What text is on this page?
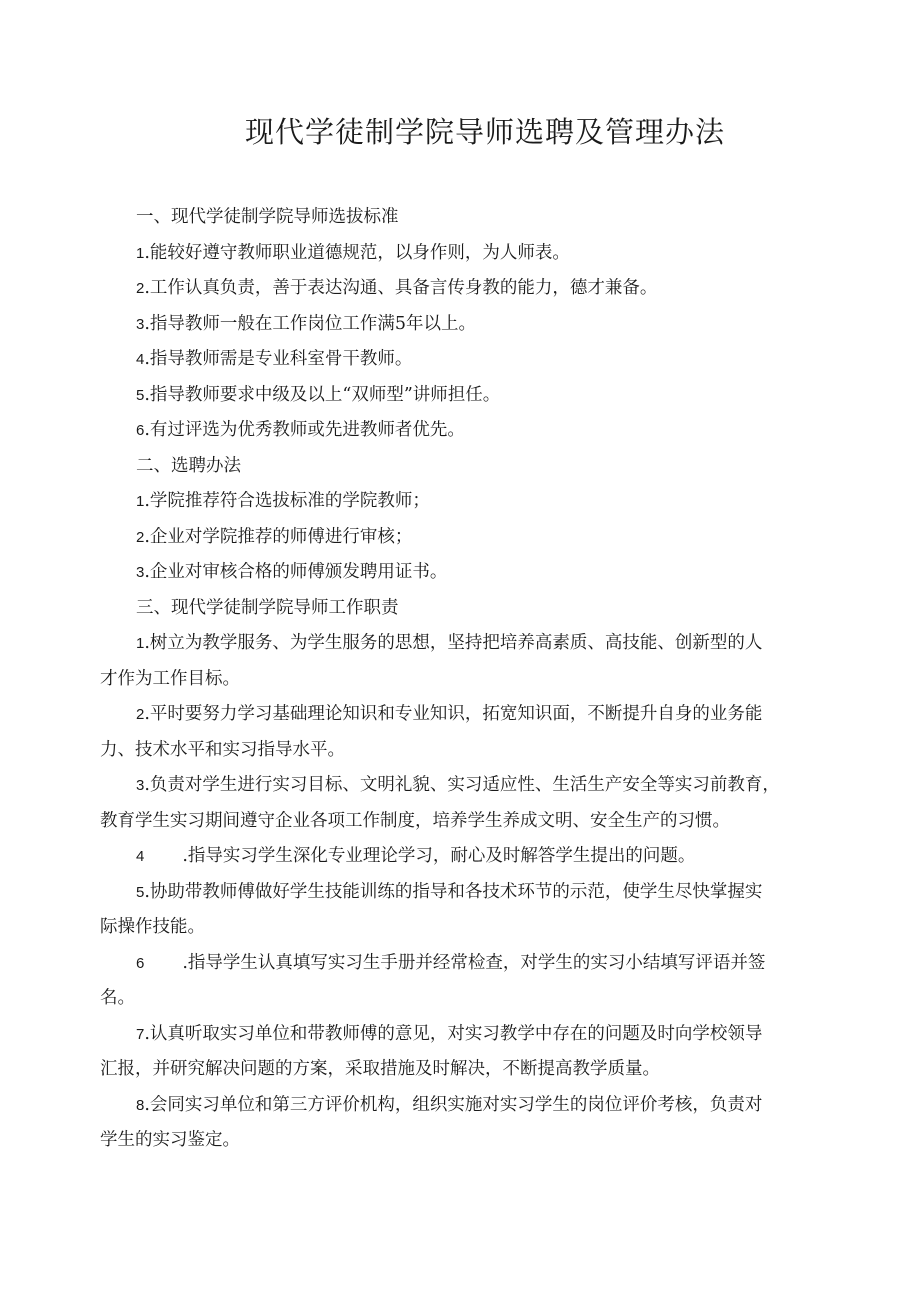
现代学徒制学院导师选聘及管理办法
一、现代学徒制学院导师选拔标准
1.能较好遵守教师职业道德规范，以身作则，为人师表。
2.工作认真负责，善于表达沟通、具备言传身教的能力，德才兼备。
3.指导教师一般在工作岗位工作满5年以上。
4.指导教师需是专业科室骨干教师。
5.指导教师要求中级及以上“双师型”讲师担任。
6.有过评选为优秀教师或先进教师者优先。
二、选聘办法
1.学院推荐符合选拔标准的学院教师；
2.企业对学院推荐的师傅进行审核；
3.企业对审核合格的师傅颁发聘用证书。
三、现代学徒制学院导师工作职责
1.树立为教学服务、为学生服务的思想，坚持把培养高素质、高技能、创新型的人
才作为工作目标。
2.平时要努力学习基础理论知识和专业知识，拓宽知识面，不断提升自身的业务能
力、技术水平和实习指导水平。
3.负责对学生进行实习目标、文明礼貌、实习适应性、生活生产安全等实习前教育，
教育学生实习期间遵守企业各项工作制度，培养学生养成文明、安全生产的习惯。
4 .指导实习学生深化专业理论学习，耐心及时解答学生提出的问题。
5.协助带教师傅做好学生技能训练的指导和各技术环节的示范，使学生尽快掌握实
际操作技能。
6 .指导学生认真填写实习生手册并经常检查，对学生的实习小结填写评语并签
名。
7.认真听取实习单位和带教师傅的意见，对实习教学中存在的问题及时向学校领导
汇报，并研究解决问题的方案，采取措施及时解决，不断提高教学质量。
8.会同实习单位和第三方评价机构，组织实施对实习学生的岗位评价考核，负责对
学生的实习鉴定。
